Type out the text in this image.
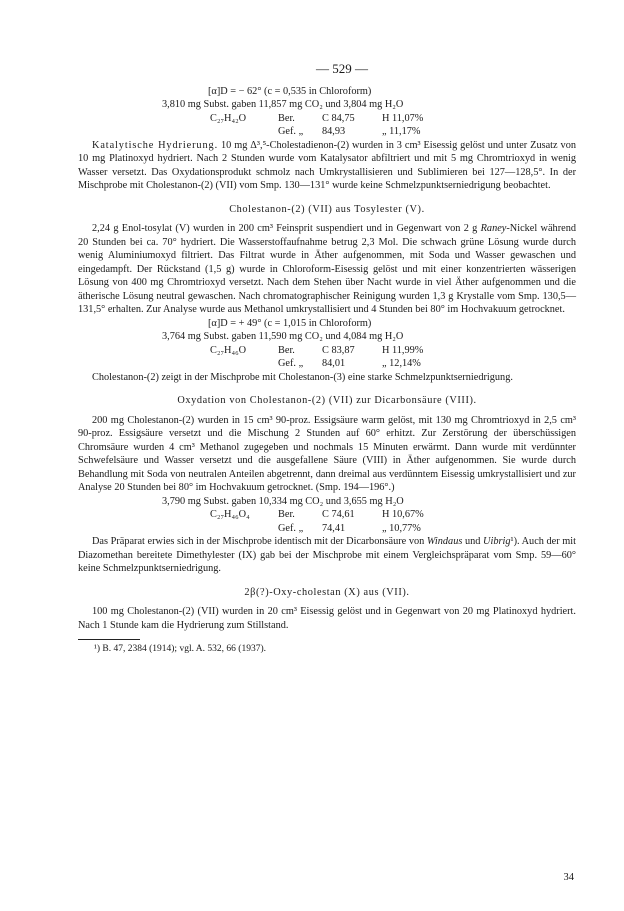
— 529 —
[α]D = − 62° (c = 0,535 in Chloroform)
3,810 mg Subst. gaben 11,857 mg CO₂ und 3,804 mg H₂O
C₂₇H₄₂O	Ber.	C 84,75	H 11,07%
Gef. „	84,93	„ 11,17%

Katalytische Hydrierung. 10 mg Δ³,⁵-Cholestadienon-(2) wurden in 3 cm³ Eisessig gelöst und unter Zusatz von 10 mg Platinoxyd hydriert. Nach 2 Stunden wurde vom Katalysator abfiltriert und mit 5 mg Chromtrioxyd in wenig Wasser versetzt. Das Oxydationsprodukt schmolz nach Umkrystallisieren und Sublimieren bei 127—128,5°. In der Mischprobe mit Cholestanon-(2) (VII) vom Smp. 130—131° wurde keine Schmelzpunktserniedrigung beobachtet.

Cholestanon-(2) (VII) aus Tosylester (V).

2,24 g Enol-tosylat (V) wurden in 200 cm³ Feinsprit suspendiert und in Gegenwart von 2 g Raney-Nickel während 20 Stunden bei ca. 70° hydriert. Die Wasserstoffaufnahme betrug 2,3 Mol. Die schwach grüne Lösung wurde durch wenig Aluminiumoxyd filtriert. Das Filtrat wurde in Äther aufgenommen, mit Soda und Wasser gewaschen und eingedampft. Der Rückstand (1,5 g) wurde in Chloroform-Eisessig gelöst und mit einer konzentrierten wässerigen Lösung von 400 mg Chromtrioxyd versetzt. Nach dem Stehen über Nacht wurde in viel Äther aufgenommen und die ätherische Lösung neutral gewaschen. Nach chromatographischer Reinigung wurden 1,3 g Krystalle vom Smp. 130,5—131,5° erhalten. Zur Analyse wurde aus Methanol umkrystallisiert und 4 Stunden bei 80° im Hochvakuum getrocknet.

[α]D = + 49° (c = 1,015 in Chloroform)
3,764 mg Subst. gaben 11,590 mg CO₂ und 4,084 mg H₂O
C₂₇H₄₆O	Ber.	C 83,87	H 11,99%
Gef. „	84,01	„ 12,14%

Cholestanon-(2) zeigt in der Mischprobe mit Cholestanon-(3) eine starke Schmelzpunktserniedrigung.

Oxydation von Cholestanon-(2) (VII) zur Dicarbonsäure (VIII).

200 mg Cholestanon-(2) wurden in 15 cm³ 90-proz. Essigsäure warm gelöst, mit 130 mg Chromtrioxyd in 2,5 cm³ 90-proz. Essigsäure versetzt und die Mischung 2 Stunden auf 60° erhitzt. Zur Zerstörung der überschüssigen Chromsäure wurden 4 cm³ Methanol zugegeben und nochmals 15 Minuten erwärmt. Dann wurde mit verdünnter Schwefelsäure und Wasser versetzt und die ausgefallene Säure (VIII) in Äther aufgenommen. Sie wurde durch Behandlung mit Soda von neutralen Anteilen abgetrennt, dann dreimal aus verdünntem Eisessig umkrystallisiert und zur Analyse 20 Stunden bei 80° im Hochvakuum getrocknet. (Smp. 194—196°.)

3,790 mg Subst. gaben 10,334 mg CO₂ und 3,655 mg H₂O
C₂₇H₄₆O₄	Ber.	C 74,61	H 10,67%
Gef. „	74,41	„ 10,77%

Das Präparat erwies sich in der Mischprobe identisch mit der Dicarbonsäure von Windaus und Uibrig¹). Auch der mit Diazomethan bereitete Dimethylester (IX) gab bei der Mischprobe mit einem Vergleichspräparat vom Smp. 59—60° keine Schmelzpunktserniedrigung.

2β(?)-Oxy-cholestan (X) aus (VII).

100 mg Cholestanon-(2) (VII) wurden in 20 cm³ Eisessig gelöst und in Gegenwart von 20 mg Platinoxyd hydriert. Nach 1 Stunde kam die Hydrierung zum Stillstand.

¹) B. 47, 2384 (1914); vgl. A. 532, 66 (1937).
34
